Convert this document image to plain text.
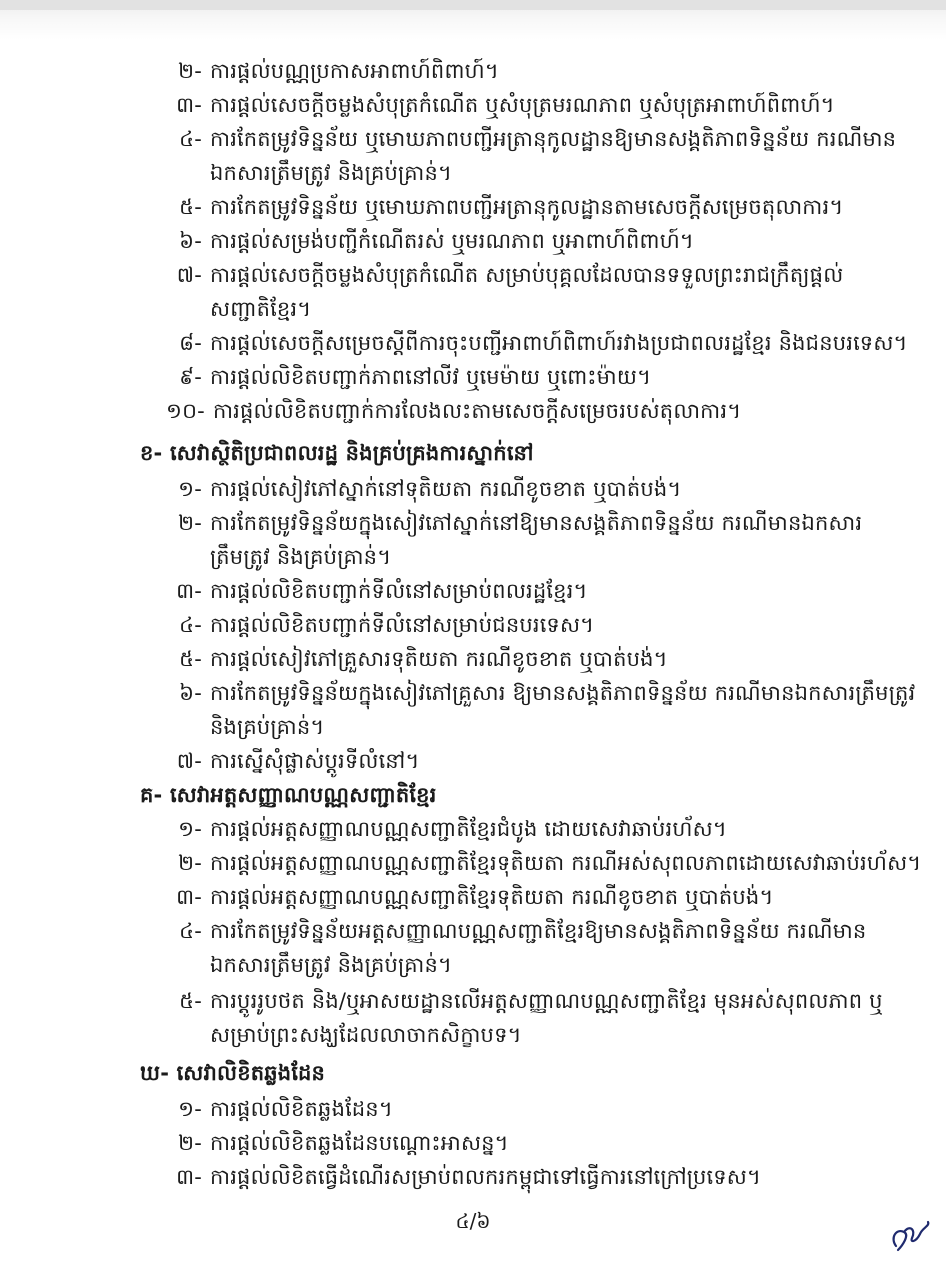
២- ការផ្តល់បណ្ណប្រកាសអាពាហ៍ពិពាហ៍។
៣- ការផ្តល់សេចក្តីចម្លងសំបុត្រកំណើត ឬសំបុត្រមរណភាព ឬសំបុត្រអាពាហ៍ពិពាហ៍។
៤- ការកែតម្រូវទិន្នន័យ ឬមោឃភាពបញ្ជីអត្រានុកូលដ្ឋានឱ្យមានសង្គតិភាពទិន្នន័យ ករណីមាន
ឯកសារត្រឹមត្រូវ និងគ្រប់គ្រាន់។
៥- ការកែតម្រូវទិន្នន័យ ឬមោឃភាពបញ្ជីអត្រានុកូលដ្ឋានតាមសេចក្តីសម្រេចតុលាការ។
៦- ការផ្តល់សម្រង់បញ្ជីកំណើតរស់ ឬមរណភាព ឬអាពាហ៍ពិពាហ៍។
៧- ការផ្តល់សេចក្តីចម្លងសំបុត្រកំណើត សម្រាប់បុគ្គលដែលបានទទួលព្រះរាជក្រឹត្យផ្តល់
សញ្ជាតិខ្មែរ។
៨- ការផ្តល់សេចក្តីសម្រេចស្តីពីការចុះបញ្ជីអាពាហ៍ពិពាហ៍រវាងប្រជាពលរដ្ឋខ្មែរ និងជនបរទេស។
៩- ការផ្តល់លិខិតបញ្ជាក់ភាពនៅលីវ ឬមេម៉ាយ ឬពោះម៉ាយ។
១០- ការផ្តល់លិខិតបញ្ជាក់ការលែងលះតាមសេចក្តីសម្រេចរបស់តុលាការ។
ខ- សេវាស្ថិតិប្រជាពលរដ្ឋ និងគ្រប់គ្រងការស្នាក់នៅ
១- ការផ្តល់សៀវភៅស្នាក់នៅទុតិយតា ករណីខូចខាត ឬបាត់បង់។
២- ការកែតម្រូវទិន្នន័យក្នុងសៀវភៅស្នាក់នៅឱ្យមានសង្គតិភាពទិន្នន័យ ករណីមានឯកសារ
ត្រឹមត្រូវ និងគ្រប់គ្រាន់។
៣- ការផ្តល់លិខិតបញ្ជាក់ទីលំនៅសម្រាប់ពលរដ្ឋខ្មែរ។
៤- ការផ្តល់លិខិតបញ្ជាក់ទីលំនៅសម្រាប់ជនបរទេស។
៥- ការផ្តល់សៀវភៅគ្រួសារទុតិយតា ករណីខូចខាត ឬបាត់បង់។
៦- ការកែតម្រូវទិន្នន័យក្នុងសៀវភៅគ្រួសារ ឱ្យមានសង្គតិភាពទិន្នន័យ ករណីមានឯកសារត្រឹមត្រូវ
និងគ្រប់គ្រាន់។
៧- ការស្នើសុំផ្លាស់ប្តូរទីលំនៅ។
គ- សេវាអត្តសញ្ញាណបណ្ណសញ្ជាតិខ្មែរ
១- ការផ្តល់អត្តសញ្ញាណបណ្ណសញ្ជាតិខ្មែរជំបូង ដោយសេវាឆាប់រហ័ស។
២- ការផ្តល់អត្តសញ្ញាណបណ្ណសញ្ជាតិខ្មែរទុតិយតា ករណីអស់សុពលភាពដោយសេវាឆាប់រហ័ស។
៣- ការផ្តល់អត្តសញ្ញាណបណ្ណសញ្ជាតិខ្មែរទុតិយតា ករណីខូចខាត ឬបាត់បង់។
៤- ការកែតម្រូវទិន្នន័យអត្តសញ្ញាណបណ្ណសញ្ជាតិខ្មែរឱ្យមានសង្គតិភាពទិន្នន័យ ករណីមាន
ឯកសារត្រឹមត្រូវ និងគ្រប់គ្រាន់។
៥- ការប្តូររូបថត និង/ឬអាសយដ្ឋានលើអត្តសញ្ញាណបណ្ណសញ្ជាតិខ្មែរ មុនអស់សុពលភាព ឬ
សម្រាប់ព្រះសង្ឃដែលលាចាកសិក្ខាបទ។
ឃ- សេវាលិខិតឆ្លងដែន
១- ការផ្តល់លិខិតឆ្លងដែន។
២- ការផ្តល់លិខិតឆ្លងដែនបណ្តោះអាសន្ន។
៣- ការផ្តល់លិខិតធ្វើដំណើរសម្រាប់ពលករកម្ពុជាទៅធ្វើការនៅក្រៅប្រទេស។
៤/៦
